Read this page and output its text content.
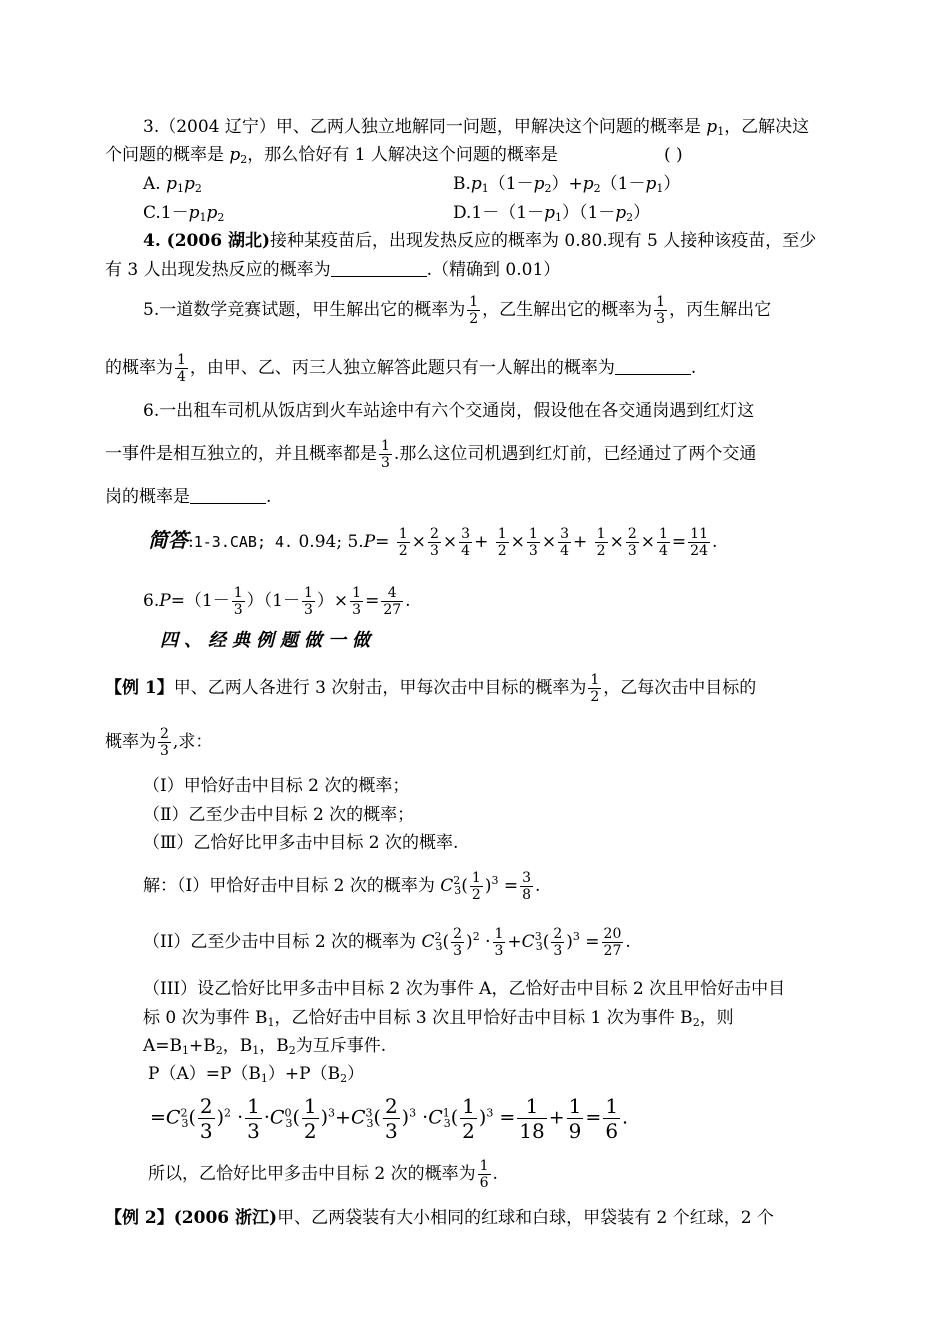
3.（2004 辽宁）甲、乙两人独立地解同一问题，甲解决这个问题的概率是 $p_1$，乙解决这
个问题的概率是 $p_2$，那么恰好有 1 人解决这个问题的概率是	( )
A. $p_1p_2$	$B.p_1(1-p_2)+p_2(1-p_1)$
$C.1-p_1p_2$	$D.1-(1-p_1)(1-p_2)$
4. (2006 湖北)接种某疫苗后，出现发热反应的概率为 0.80.现有 5 人接种该疫苗，至少
有 3 人出现发热反应的概率为	.（精确到 0.01）
5.一道数学竞赛试题，甲生解出它的概率为 $\frac{1}{2}$ ，乙生解出它的概率为 $\frac{1}{3}$ ，丙生解出它
的概率为 $\frac{1}{4}$ ，由甲、乙、丙三人独立解答此题只有一人解出的概率为	.
6.一出租车司机从饭店到火车站途中有六个交通岗，假设他在各交通岗遇到红灯这
一事件是相互独立的，并且概率都是 $\frac{1}{3}$ .那么这位司机遇到红灯前，已经通过了两个交通
岗的概率是	.
简答:1-3.CAB; 4. 0.94; $5.P= \frac{1}{2} \times \frac{2}{3} \times \frac{3}{4} + \frac{1}{2} \times \frac{1}{3} \times \frac{3}{4} + \frac{1}{2} \times \frac{2}{3} \times \frac{1}{4} = \frac{11}{24}$ .
$6.P=(1- \frac{1}{3} )(1- \frac{1}{3}$ ）× $\frac{1}{3} = \frac{4}{27}$ .
四、经典例题做一做
【例 1】甲、乙两人各进行 3 次射击，甲每次击中目标的概率为 $\frac{1}{2}$ ，乙每次击中目标的
概率为 $\frac{2}{3}$ ,求：
（Ⅰ）甲恰好击中目标 2 次的概率；
（Ⅱ）乙至少击中目标 2 次的概率；
（Ⅲ）乙恰好比甲多击中目标 2 次的概率.
解：（I）甲恰好击中目标 2 次的概率为 $C^2_3( \frac{1}{2} )^3 = \frac{3}{8}$ .
（II）乙至少击中目标 2 次的概率为 $C^2_3( \frac{2}{3} )^2 \cdot \frac{1}{3} +C^3_3( \frac{2}{3} )^3 = \frac{20}{27}$ .
（III）设乙恰好比甲多击中目标 2 次为事件 A，乙恰好击中目标 2 次且甲恰好击中目
标 0 次为事件 $B_1$，乙恰好击中目标 3 次且甲恰好击中目标 1 次为事件 $B_2$，则
$A=B_1+B_2$，$B_1$，$B_2$为互斥事件.
$P(A)=P(B_1)+P(B_2)$
$=C^2_3( \frac{2}{3} )^2 \cdot \frac{1}{3} \cdot C^0_3( \frac{1}{2} )^3+C^3_3( \frac{2}{3} )^3 \cdot C^1_3( \frac{1}{2} )^3 = \frac{1}{18} + \frac{1}{9} = \frac{1}{6}$ .
所以，乙恰好比甲多击中目标 2 次的概率为 $\frac{1}{6}$ .
【例 2】(2006 浙江)甲、乙两袋装有大小相同的红球和白球，甲袋装有 2 个红球，2 个
